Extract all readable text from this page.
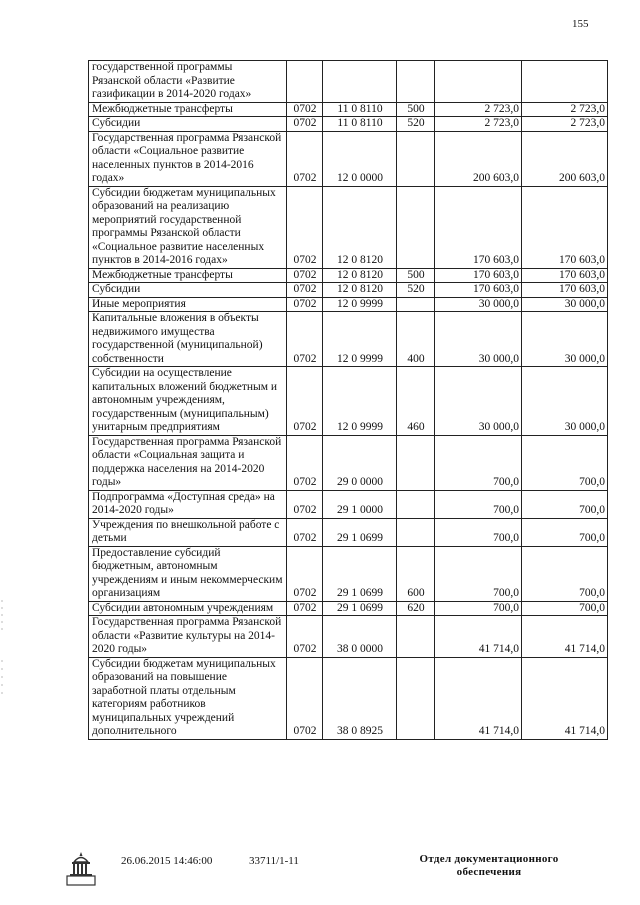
155
государственной программы Рязанской области «Развитие газификации в 2014-2020 годах»					
Межбюджетные трансферты	0702	11 0 8110	500	2 723,0	2 723,0
Субсидии	0702	11 0 8110	520	2 723,0	2 723,0
Государственная программа Рязанской области «Социальное развитие населенных пунктов в 2014-2016 годах»	0702	12 0 0000		200 603,0	200 603,0
Субсидии бюджетам муниципальных образований на реализацию мероприятий государственной программы Рязанской области «Социальное развитие населенных пунктов в 2014-2016 годах»	0702	12 0 8120		170 603,0	170 603,0
Межбюджетные трансферты	0702	12 0 8120	500	170 603,0	170 603,0
Субсидии	0702	12 0 8120	520	170 603,0	170 603,0
Иные мероприятия	0702	12 0 9999		30 000,0	30 000,0
Капитальные вложения в объекты недвижимого имущества государственной (муниципальной) собственности	0702	12 0 9999	400	30 000,0	30 000,0
Субсидии на осуществление капитальных вложений бюджетным и автономным учреждениям, государственным (муниципальным) унитарным предприятиям	0702	12 0 9999	460	30 000,0	30 000,0
Государственная программа Рязанской области «Социальная защита и поддержка населения на 2014-2020 годы»	0702	29 0 0000		700,0	700,0
Подпрограмма «Доступная среда» на 2014-2020 годы»	0702	29 1 0000		700,0	700,0
Учреждения по внешкольной работе с детьми	0702	29 1 0699		700,0	700,0
Предоставление субсидий бюджетным, автономным учреждениям и иным некоммерческим организациям	0702	29 1 0699	600	700,0	700,0
Субсидии автономным учреждениям	0702	29 1 0699	620	700,0	700,0
Государственная программа Рязанской области «Развитие культуры на 2014-2020 годы»	0702	38 0 0000		41 714,0	41 714,0
Субсидии бюджетам муниципальных образований на повышение заработной платы отдельным категориям работников муниципальных учреждений дополнительного	0702	38 0 8925		41 714,0	41 714,0
26.06.2015 14:46:00	33711/1-11	Отдел документационного
обеспечения
